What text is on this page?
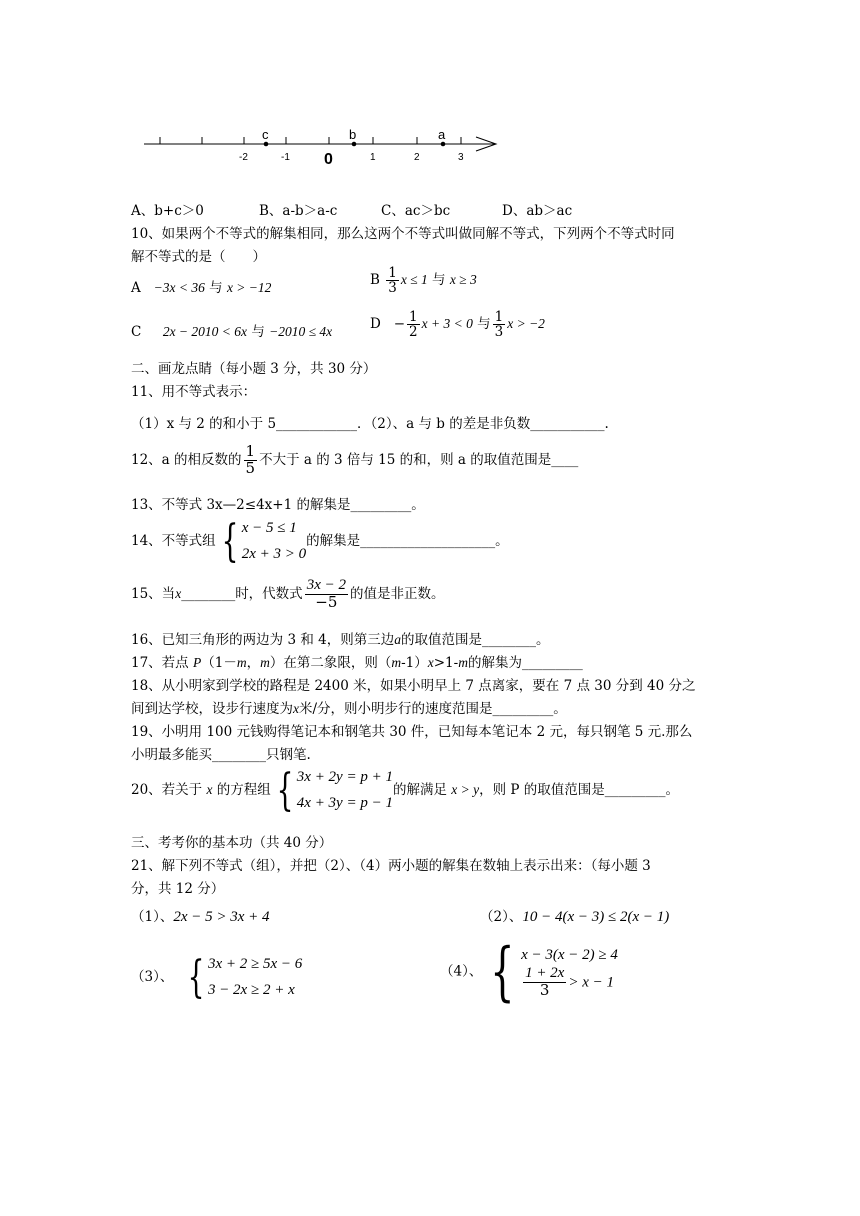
c	b	a
-2	-1 0	1	2	3
A、b+c＞0	B、a-b＞a-c	C、ac＞bc	D、ab＞ac
10、如果两个不等式的解集相同，那么这两个不等式叫做同解不等式，下列两个不等式时同
解不等式的是（　　）
A −3x < 36 与 x > −12	B $\frac{1}{3}$ x ≤ 1 与 x ≥ 3
C 2x − 2010 < 6x 与 −2010 ≤ 4x	$D - \frac{1}{2}$ x + 3 < 0 与 $\frac{1}{3}$ x > −2
二、画龙点睛（每小题 3 分，共 30 分）
11、用不等式表示：
（1）x 与 2 的和小于 5____________．（2）、a 与 b 的差是非负数___________.
12、a 的相反数的 $\frac{1}{5}$ 不大于 a 的 3 倍与 15 的和，则 a 的取值范围是____
13、不等式 3x—2≤4x+1 的解集是_________。
14、不等式组 { x − 5 ≤ 1
2x + 3 > 0
的解集是____________________。
15、当x________时，代数式 $\frac{3x - 2}{-5}$ 的值是非正数。
16、已知三角形的两边为 3 和 4，则第三边a的取值范围是________。
17、若点 P（1－m，m）在第二象限，则（m-1）x>1-m的解集为_________
18、从小明家到学校的路程是 2400 米，如果小明早上 7 点离家，要在 7 点 30 分到 40 分之
间到达学校，设步行速度为x米/分，则小明步行的速度范围是_________。
19、小明用 100 元钱购得笔记本和钢笔共 30 件，已知每本笔记本 2 元，每只钢笔 5 元.那么
小明最多能买________只钢笔.
20、若关于 x 的方程组 { 3x + 2y = p + 1
4x + 3y = p − 1
的解满足 x > y，则 P 的取值范围是_________。
三、考考你的基本功（共 40 分）
21、解下列不等式（组），并把（2）、（4）两小题的解集在数轴上表示出来：（每小题 3
分，共 12 分）
（1）、2x − 5 > 3x + 4	（2）、10 − 4(x − 3) ≤ 2(x − 1)
（3）、 { 3x + 2 ≥ 5x − 6
3 − 2x ≥ 2 + x
（4）、 { x − 3(x − 2) ≥ 4
$\frac{1 + 2x}{3} > x - 1$
